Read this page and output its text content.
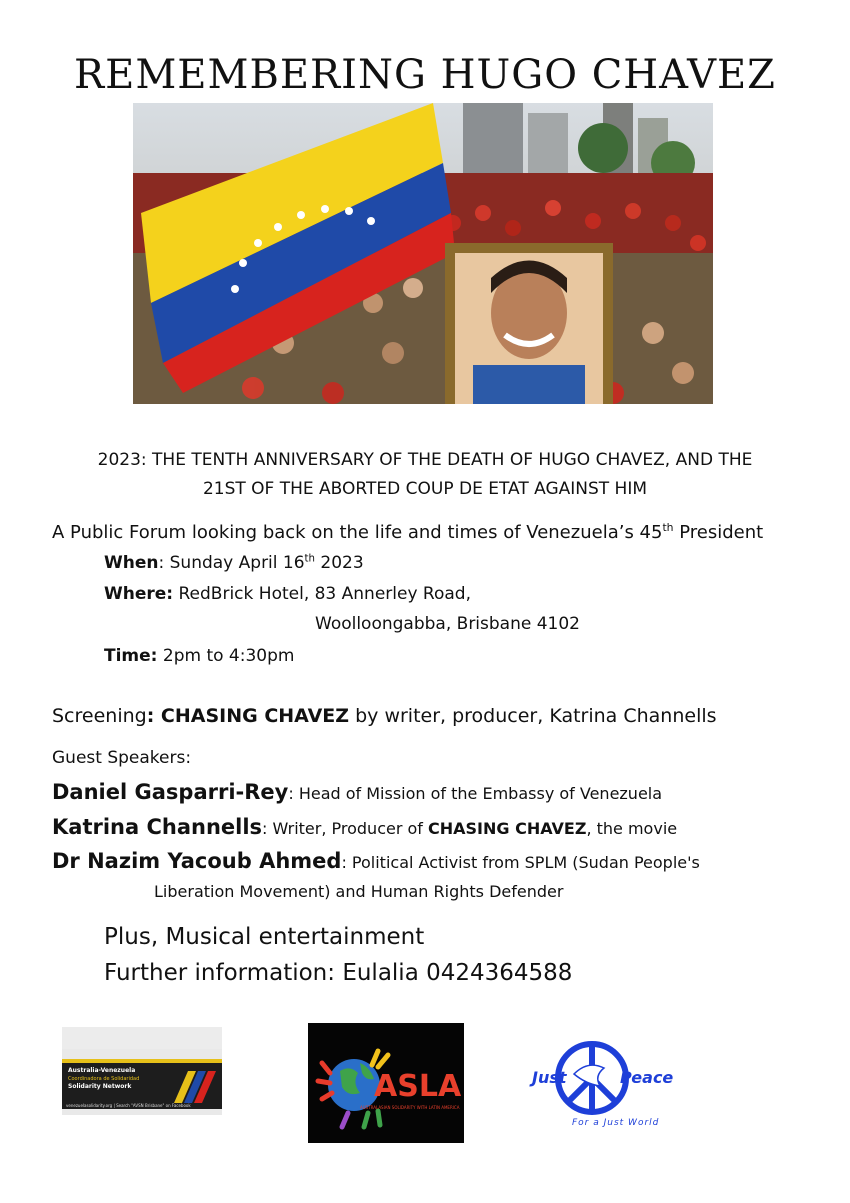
REMEMBERING HUGO CHAVEZ
2023: THE TENTH ANNIVERSARY OF THE DEATH OF HUGO CHAVEZ, AND THE
21ST OF THE ABORTED COUP DE ETAT AGAINST HIM
A Public Forum looking back on the life and times of Venezuela’s 45th President
When: Sunday April 16th 2023
Where: RedBrick Hotel, 83 Annerley Road,
Woolloongabba, Brisbane 4102
Time: 2pm to 4:30pm
Screening: CHASING CHAVEZ by writer, producer, Katrina Channells
Guest Speakers:
Daniel Gasparri-Rey: Head of Mission of the Embassy of Venezuela
Katrina Channells: Writer, Producer of CHASING CHAVEZ, the movie
Dr Nazim Yacoub Ahmed: Political Activist from SPLM (Sudan People's
Liberation Movement) and Human Rights Defender
Plus, Musical entertainment
Further information: Eulalia 0424364588
Australia-Venezuela
Coordinadora de Solidaridad
Solidarity Network
venezuelasolidarity.org | Search "AVSN Brisbane" on Facebook
ASLA
AUSTRALASIAN SOLIDARITY WITH LATIN AMERICA
Just	Peace
For a Just World
